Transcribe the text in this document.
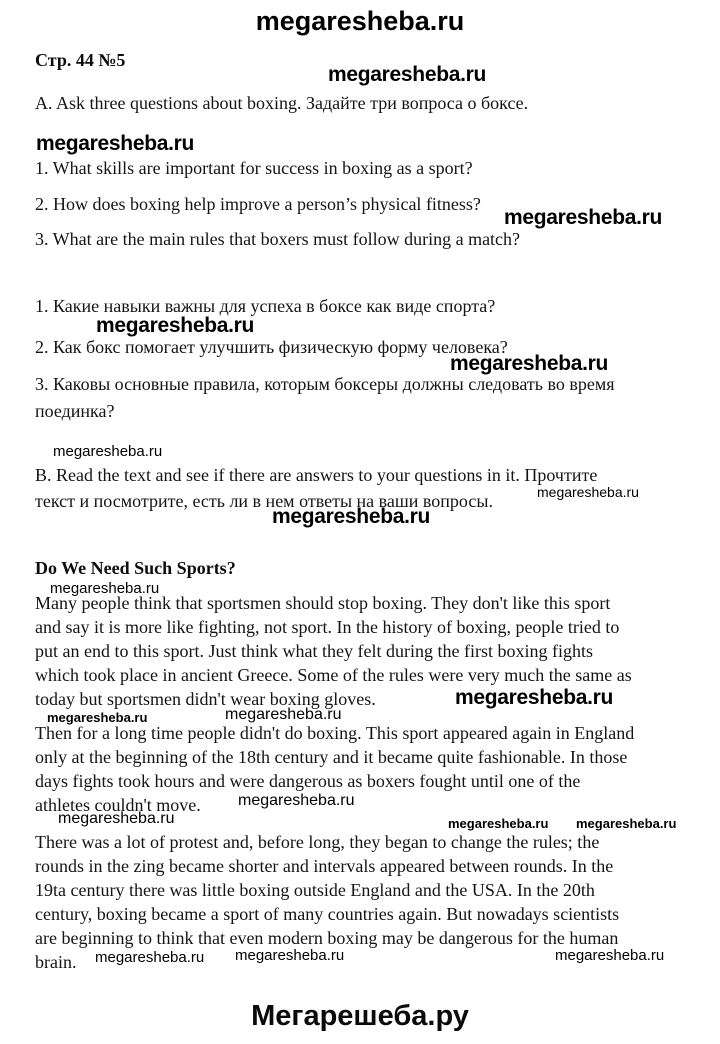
megaresheba.ru
Стр. 44 №5
megaresheba.ru
A. Ask three questions about boxing. Задайте три вопроса о боксе.
megaresheba.ru
1. What skills are important for success in boxing as a sport?
2. How does boxing help improve a person’s physical fitness?
megaresheba.ru
3. What are the main rules that boxers must follow during a match?
1. Какие навыки важны для успеха в боксе как виде спорта?
megaresheba.ru
2. Как бокс помогает улучшить физическую форму человека?
megaresheba.ru
3. Каковы основные правила, которым боксеры должны следовать во время
поединка?
megaresheba.ru
B. Read the text and see if there are answers to your questions in it. Прочтите
текст и посмотрите, есть ли в нем ответы на ваши вопросы.	megaresheba.ru
megaresheba.ru
Do We Need Such Sports?
megaresheba.ru
Many people think that sportsmen should stop boxing. They don't like this sport
and say it is more like fighting, not sport. In the history of boxing, people tried to
put an end to this sport. Just think what they felt during the first boxing fights
which took place in ancient Greece. Some of the rules were very much the same as
today but sportsmen didn't wear boxing gloves.	megaresheba.ru
megaresheba.ru	megaresheba.ru
Then for a long time people didn't do boxing. This sport appeared again in England
only at the beginning of the 18th century and it became quite fashionable. In those
days fights took hours and were dangerous as boxers fought until one of the
athletes couldn't move.	megaresheba.ru
megaresheba.ru	megaresheba.ru megaresheba.ru
There was a lot of protest and, before long, they began to change the rules; the
rounds in the zing became shorter and intervals appeared between rounds. In the
19ta century there was little boxing outside England and the USA. In the 20th
century, boxing became a sport of many countries again. But nowadays scientists
are beginning to think that even modern boxing may be dangerous for the human
brain.	megaresheba.ru megaresheba.ru	megaresheba.ru
Мегарешеба.ру
